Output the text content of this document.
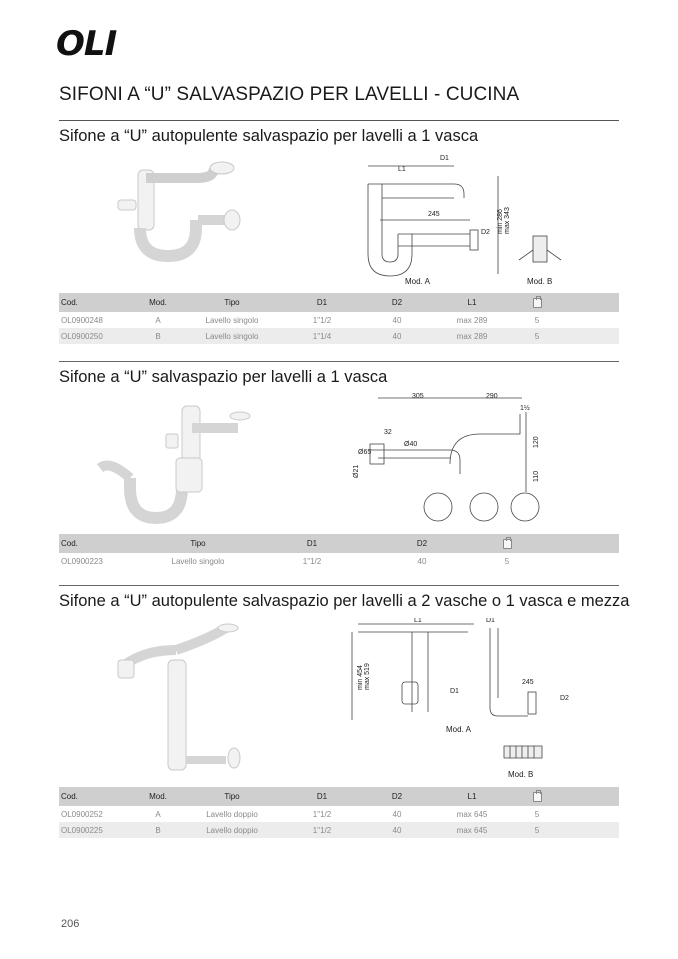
OLI
SIFONI A “U” SALVASPAZIO PER LAVELLI - CUCINA
Sifone a “U” autopulente salvaspazio per lavelli a 1 vasca
L1
D1
245
D2 min 286 max 343
Mod. A	Mod. B
Cod.	Mod.	Tipo	D1	D2	L1		
OL0900248	A	Lavello singolo	1"1/2	40	max 289	5	
OL0900250	B	Lavello singolo	1"1/4	40	max 289	5	
Sifone a “U” salvaspazio per lavelli a 1 vasca
305	290
1½
32
Ø40
Ø65
Ø21
120
110
Cod.	Tipo	D1	D2		
OL0900223	Lavello singolo	1"1/2	40	5	
Sifone a “U” autopulente salvaspazio per lavelli a 2 vasche o 1 vasca e mezza
L1	D1
D1
245
D2
min 454 max 519
Mod. A
Mod. B
Cod.	Mod.	Tipo	D1	D2	L1		
OL0900252	A	Lavello doppio	1"1/2	40	max 645	5	
OL0900225	B	Lavello doppio	1"1/2	40	max 645	5	
206
